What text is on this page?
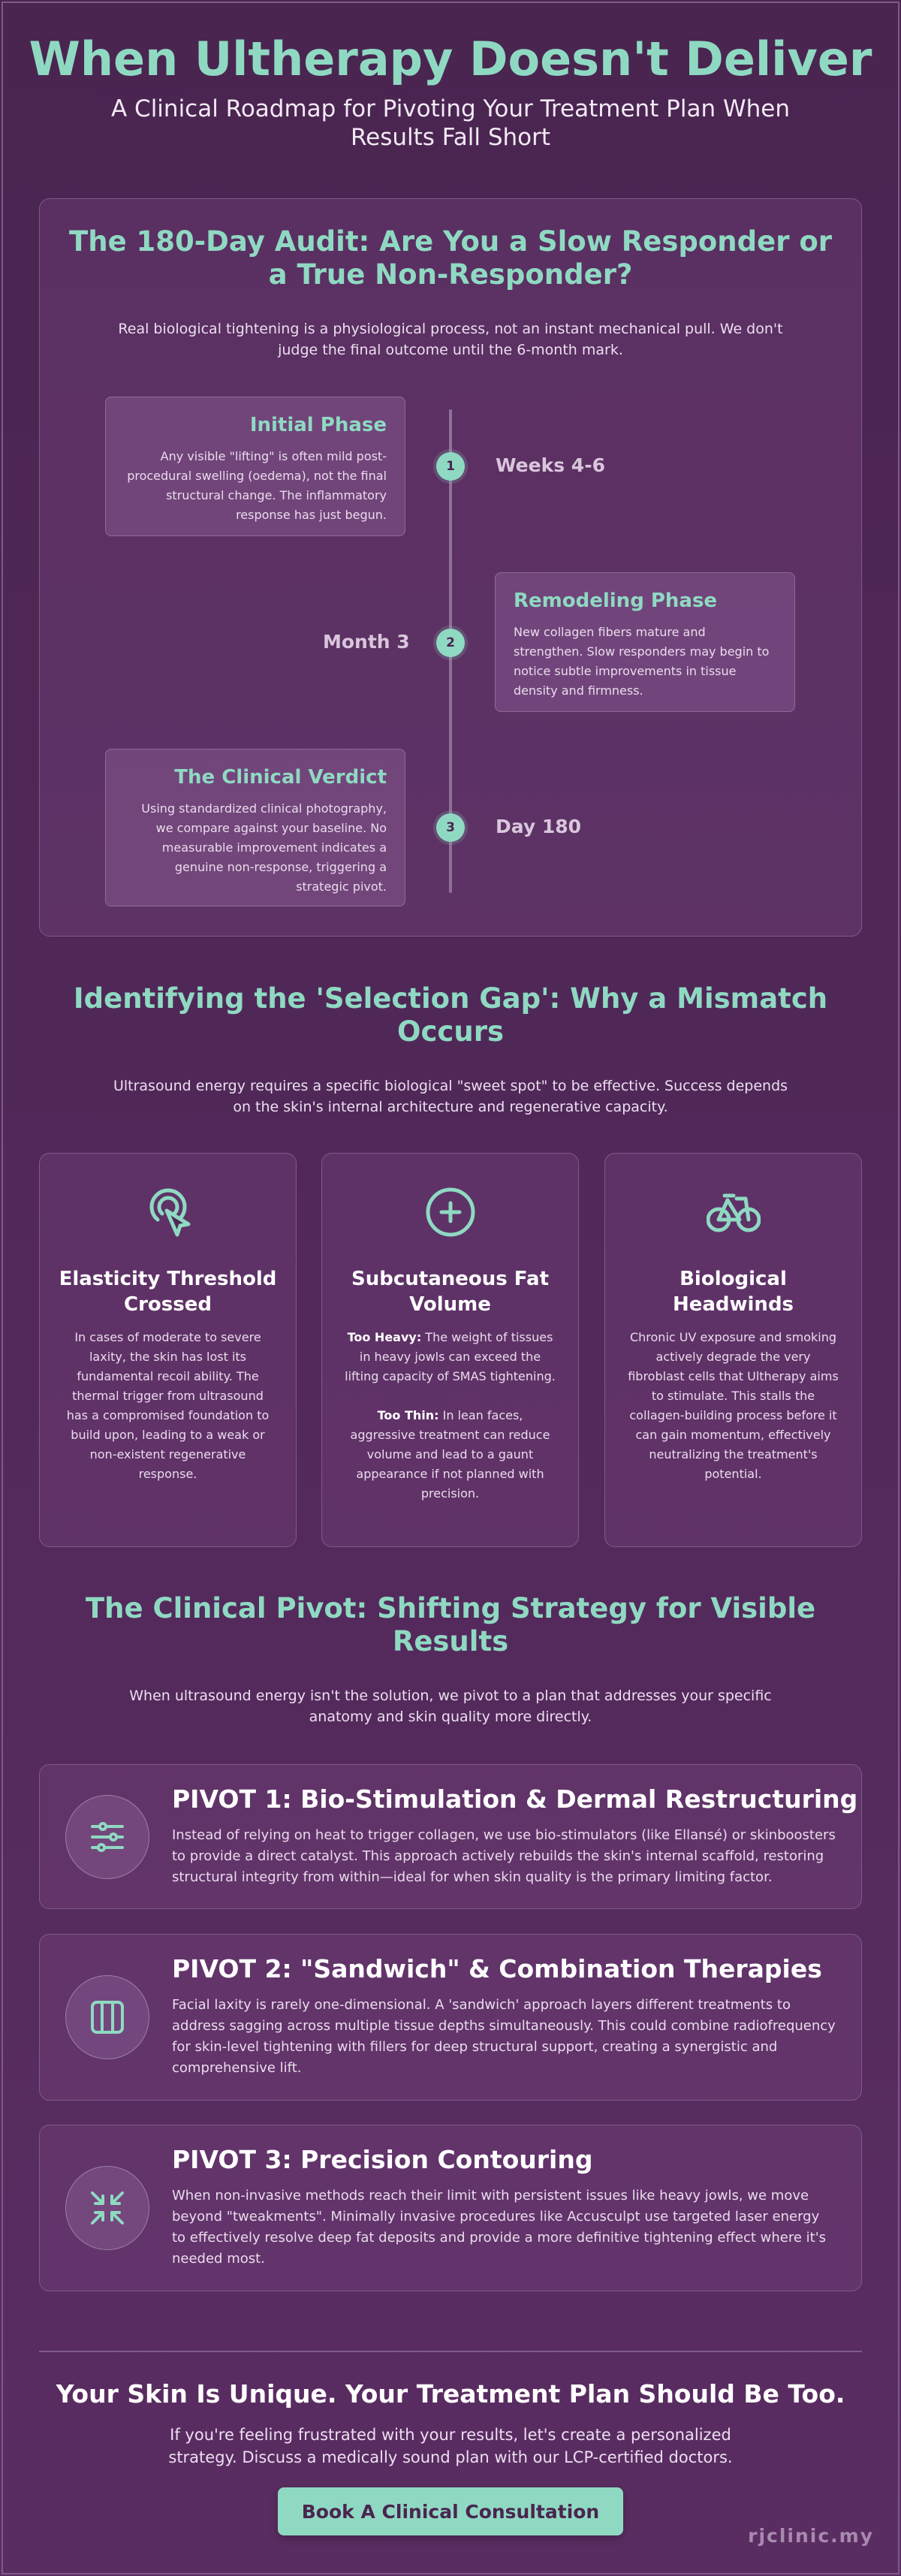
When Ultherapy Doesn't Deliver

A Clinical Roadmap for Pivoting Your Treatment Plan When Results Fall Short

The 180-Day Audit: Are You a Slow Responder or a True Non-Responder?

Real biological tightening is a physiological process, not an instant mechanical pull. We don't judge the final outcome until the 6-month mark.

Initial Phase

Any visible "lifting" is often mild post-procedural swelling (oedema), not the final structural change. The inflammatory response has just begun.

1	Weeks 4-6
Month 3	2
Remodeling Phase

New collagen fibers mature and strengthen. Slow responders may begin to notice subtle improvements in tissue density and firmness.

The Clinical Verdict

Using standardized clinical photography, we compare against your baseline. No measurable improvement indicates a genuine non-response, triggering a strategic pivot.

3	Day 180
Identifying the 'Selection Gap': Why a Mismatch Occurs

Ultrasound energy requires a specific biological "sweet spot" to be effective. Success depends on the skin's internal architecture and regenerative capacity.

Elasticity Threshold Crossed

In cases of moderate to severe laxity, the skin has lost its fundamental recoil ability. The thermal trigger from ultrasound has a compromised foundation to build upon, leading to a weak or non-existent regenerative response.

Subcutaneous Fat Volume

Too Heavy: The weight of tissues in heavy jowls can exceed the lifting capacity of SMAS tightening.

Too Thin: In lean faces, aggressive treatment can reduce volume and lead to a gaunt appearance if not planned with precision.

Biological Headwinds

Chronic UV exposure and smoking actively degrade the very fibroblast cells that Ultherapy aims to stimulate. This stalls the collagen-building process before it can gain momentum, effectively neutralizing the treatment's potential.

The Clinical Pivot: Shifting Strategy for Visible Results

When ultrasound energy isn't the solution, we pivot to a plan that addresses your specific anatomy and skin quality more directly.

PIVOT 1: Bio-Stimulation & Dermal Restructuring

Instead of relying on heat to trigger collagen, we use bio-stimulators (like Ellansé) or skinboosters to provide a direct catalyst. This approach actively rebuilds the skin's internal scaffold, restoring structural integrity from within—ideal for when skin quality is the primary limiting factor.

PIVOT 2: "Sandwich" & Combination Therapies

Facial laxity is rarely one-dimensional. A 'sandwich' approach layers different treatments to address sagging across multiple tissue depths simultaneously. This could combine radiofrequency for skin-level tightening with fillers for deep structural support, creating a synergistic and comprehensive lift.

PIVOT 3: Precision Contouring

When non-invasive methods reach their limit with persistent issues like heavy jowls, we move beyond "tweakments". Minimally invasive procedures like Accusculpt use targeted laser energy to effectively resolve deep fat deposits and provide a more definitive tightening effect where it's needed most.

Your Skin Is Unique. Your Treatment Plan Should Be Too.

If you're feeling frustrated with your results, let's create a personalized strategy. Discuss a medically sound plan with our LCP-certified doctors.

Book A Clinical Consultation
rjclinic.my
